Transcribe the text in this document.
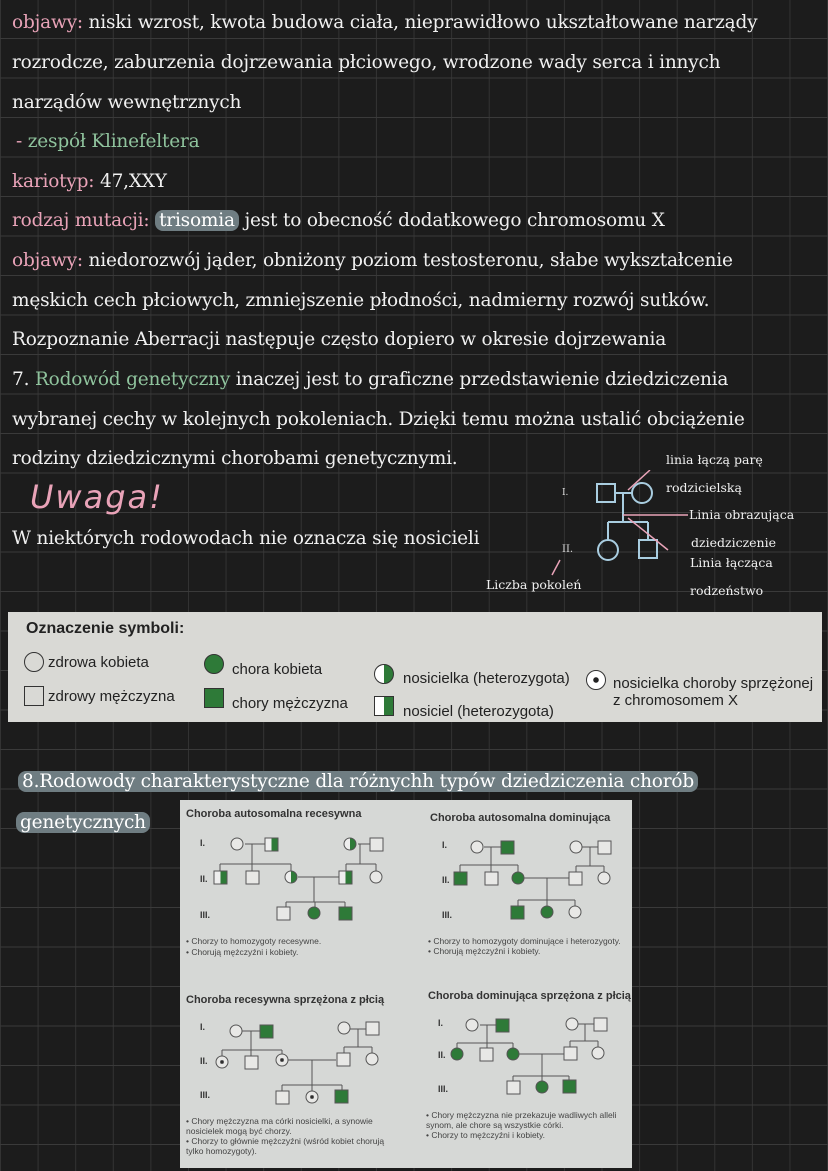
objawy: niski wzrost, kwota budowa ciała, nieprawidłowo ukształtowane narządy
rozrodcze, zaburzenia dojrzewania płciowego, wrodzone wady serca i innych
narządów wewnętrznych
- zespół Klinefeltera
kariotyp: 47,XXY
rodzaj mutacji: trisomia jest to obecność dodatkowego chromosomu X
objawy: niedorozwój jąder, obniżony poziom testosteronu, słabe wykształcenie
męskich cech płciowych, zmniejszenie płodności, nadmierny rozwój sutków.
Rozpoznanie Aberracji następuje często dopiero w okresie dojrzewania
7. Rodowód genetyczny inaczej jest to graficzne przedstawienie dziedziczenia
wybranej cechy w kolejnych pokoleniach. Dzięki temu można ustalić obciążenie
rodziny dziedzicznymi chorobami genetycznymi.
Uwaga!
W niektórych rodowodach nie oznacza się nosicieli
I.
II.
linia łączą parę
rodzicielską
Linia obrazująca
dziedziczenie
Linia łącząca
rodzeństwo
Liczba pokoleń
Oznaczenie symboli:
zdrowa kobieta
zdrowy mężczyzna
chora kobieta
chory mężczyzna
nosicielka (heterozygota)
nosiciel (heterozygota)
nosicielka choroby sprzężonej
z chromosomem X
8.Rodowody charakterystyczne dla różnychh typów dziedziczenia chorób
genetycznych	Choroba autosomalna recesywna	Choroba autosomalna dominująca
Choroba recesywna sprzężona z płcią	Choroba dominująca sprzężona z płcią
I.
II.
III.
I.
II.
III.
I.
II.
III.
I.
II.
III.
• Chorzy to homozygoty recesywne.
• Chorują mężczyźni i kobiety.
• Chorzy to homozygoty dominujące i heterozygoty.
• Chorują mężczyźni i kobiety.
• Chory mężczyzna ma córki nosicielki, a synowie
nosicielek mogą być chorzy.
• Chorzy to głównie mężczyźni (wśród kobiet chorują
tylko homozygoty).
• Chory mężczyzna nie przekazuje wadliwych alleli
synom, ale chore są wszystkie córki.
• Chorzy to mężczyźni i kobiety.
